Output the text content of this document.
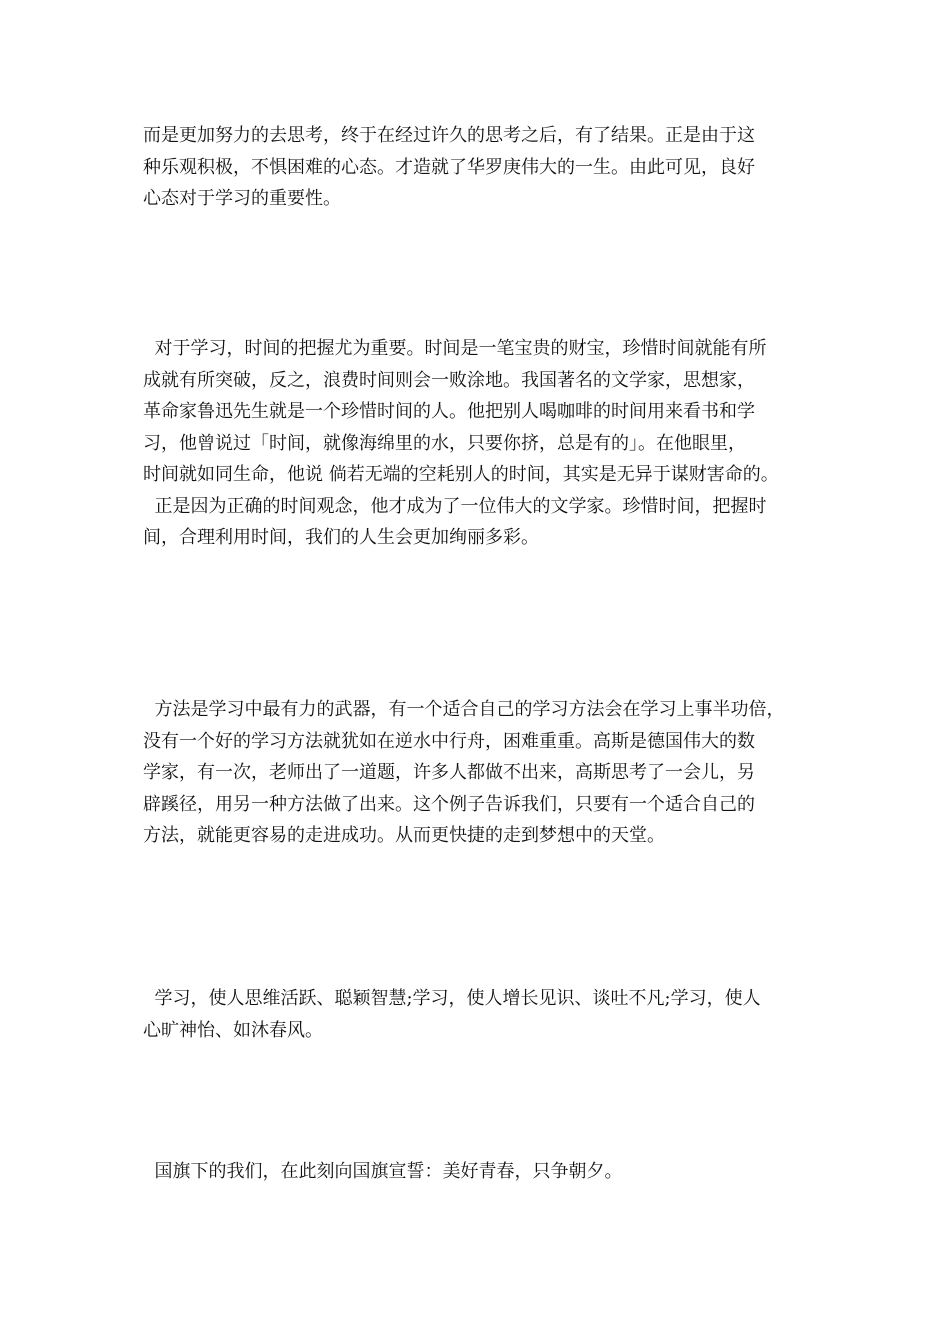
而是更加努力的去思考，终于在经过许久的思考之后，有了结果。正是由于这
种乐观积极，不惧困难的心态。才造就了华罗庚伟大的一生。由此可见，良好
心态对于学习的重要性。

对于学习，时间的把握尤为重要。时间是一笔宝贵的财宝，珍惜时间就能有所
成就有所突破，反之，浪费时间则会一败涂地。我国著名的文学家，思想家，
革命家鲁迅先生就是一个珍惜时间的人。他把别人喝咖啡的时间用来看书和学
习，他曾说过「时间，就像海绵里的水，只要你挤，总是有的」。在他眼里，
时间就如同生命，他说 倘若无端的空耗别人的时间，其实是无异于谋财害命的。
正是因为正确的时间观念，他才成为了一位伟大的文学家。珍惜时间，把握时
间，合理利用时间，我们的人生会更加绚丽多彩。

方法是学习中最有力的武器，有一个适合自己的学习方法会在学习上事半功倍，
没有一个好的学习方法就犹如在逆水中行舟，困难重重。高斯是德国伟大的数
学家，有一次，老师出了一道题，许多人都做不出来，高斯思考了一会儿，另
辟蹊径，用另一种方法做了出来。这个例子告诉我们，只要有一个适合自己的
方法，就能更容易的走进成功。从而更快捷的走到梦想中的天堂。

学习，使人思维活跃、聪颖智慧;学习，使人增长见识、谈吐不凡;学习，使人
心旷神怡、如沐春风。

国旗下的我们，在此刻向国旗宣誓：美好青春，只争朝夕。
